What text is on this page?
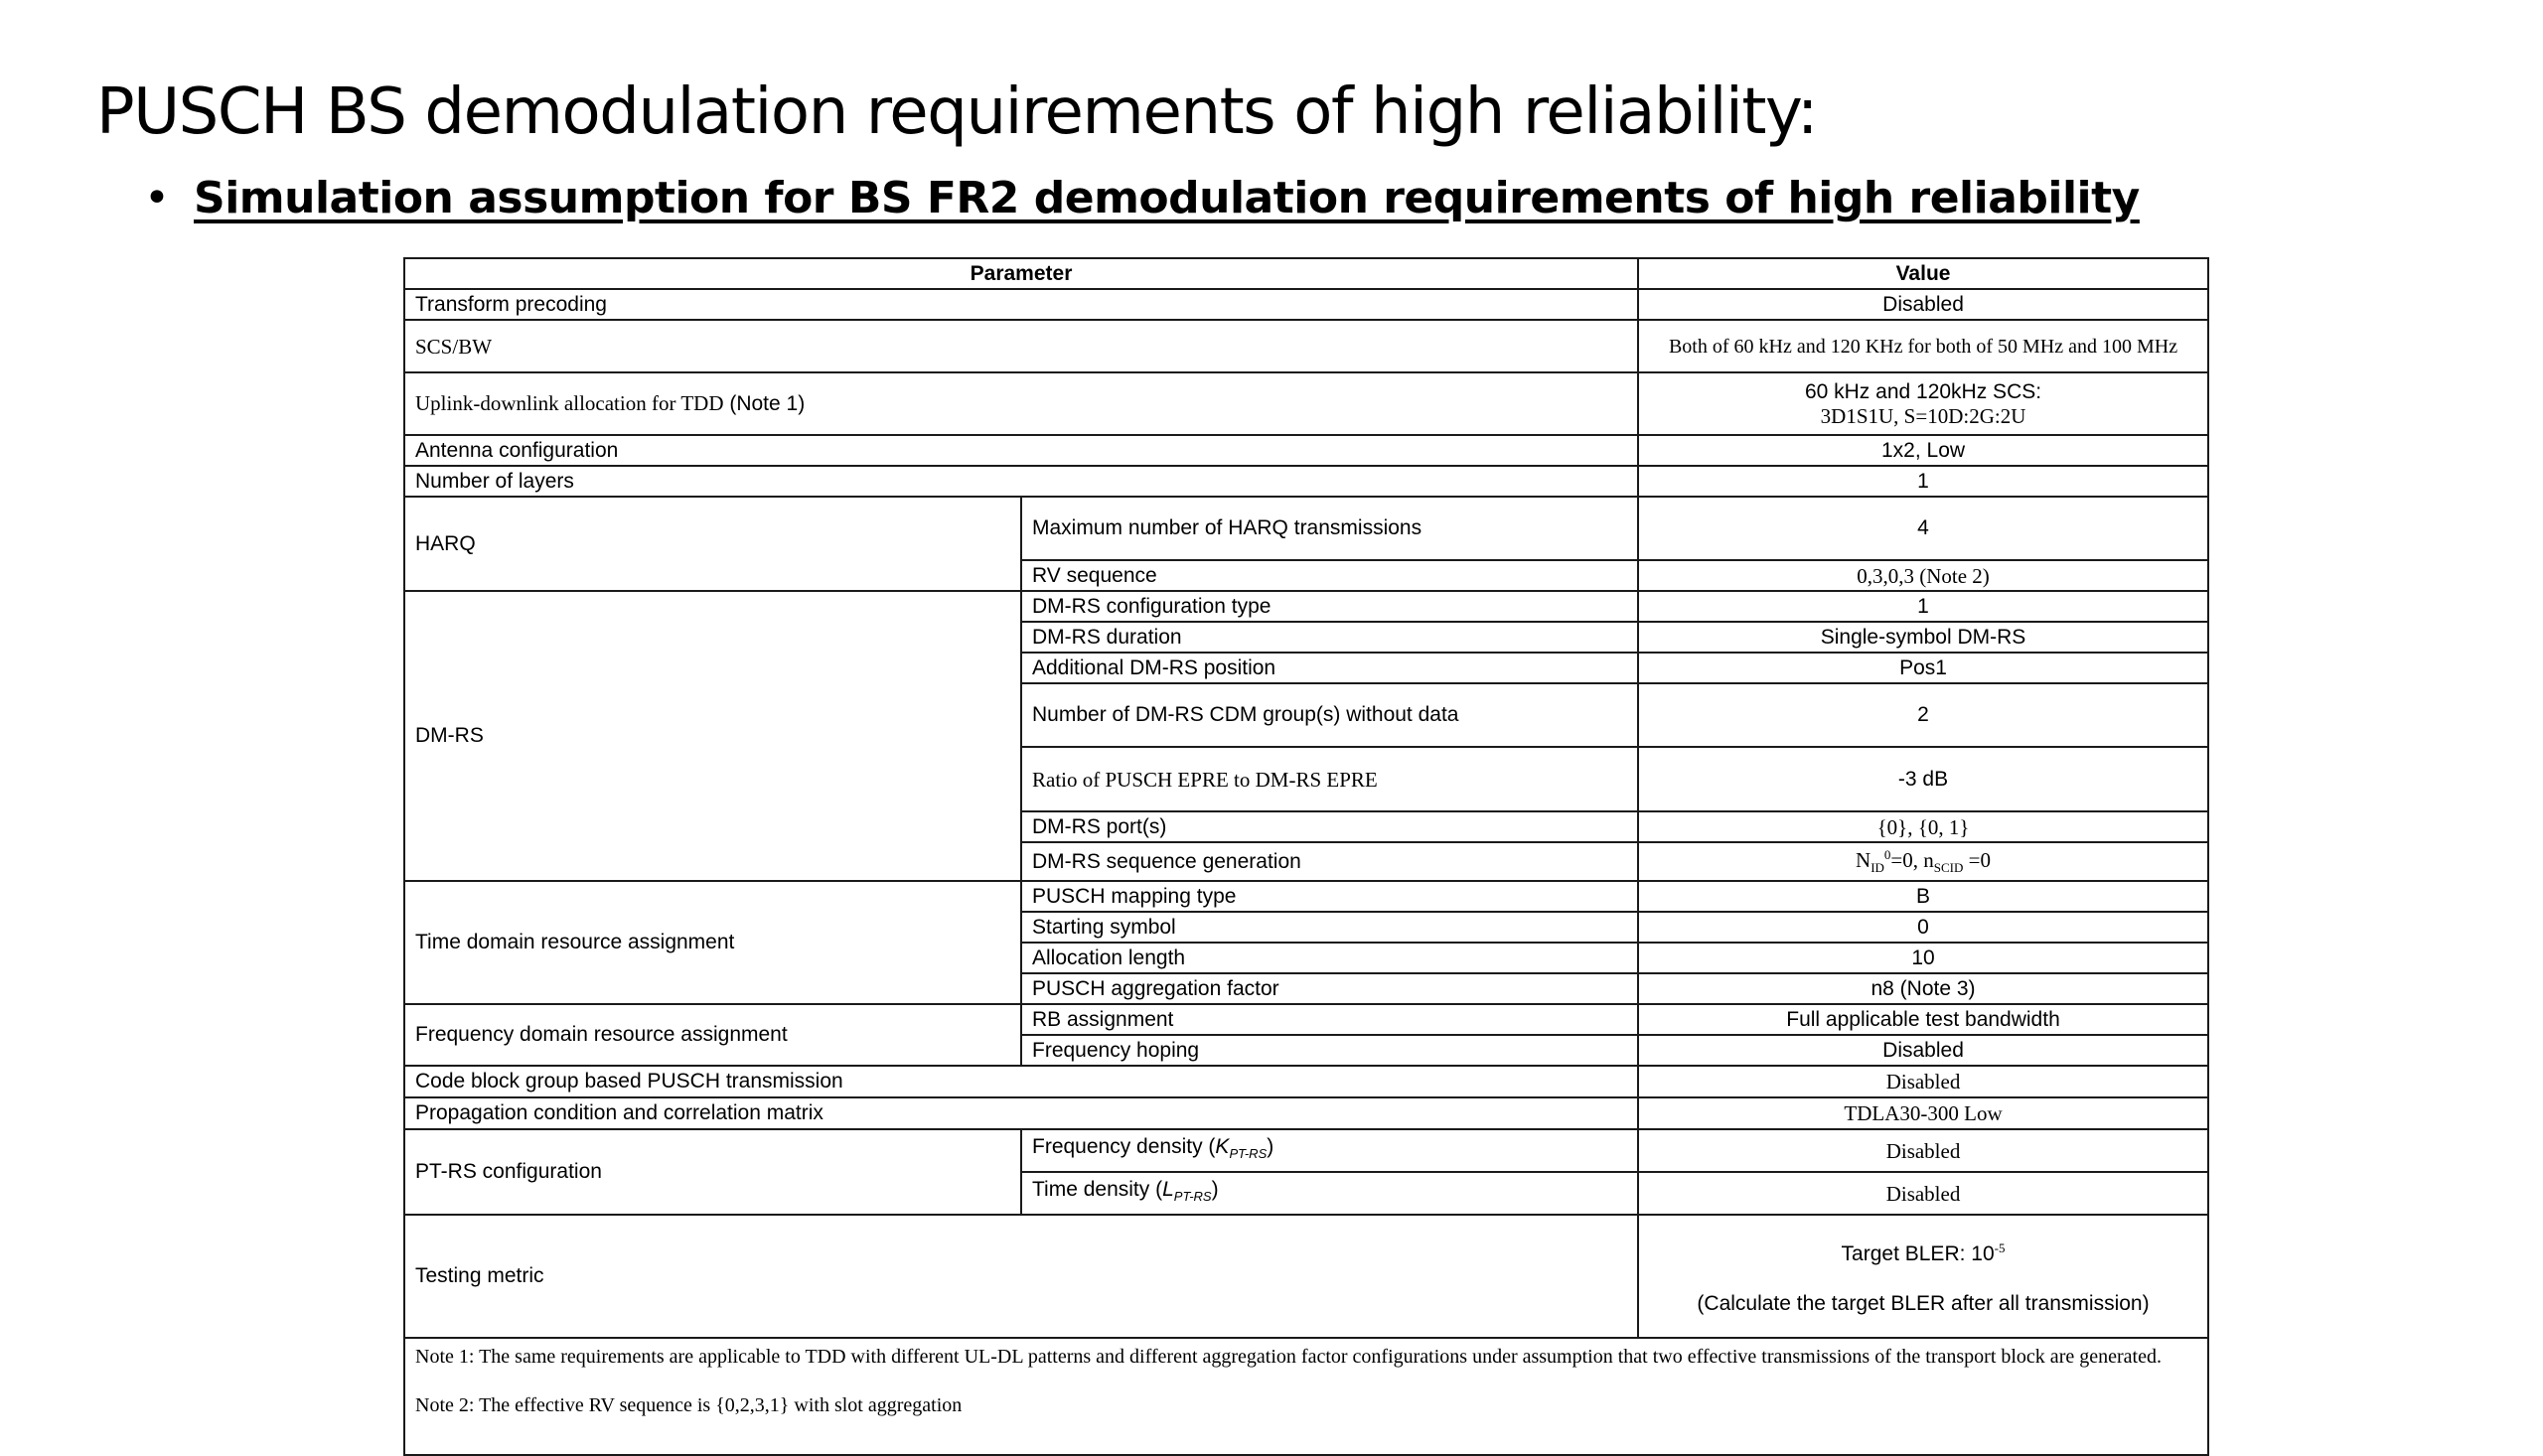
PUSCH BS demodulation requirements of high reliability:
• Simulation assumption for BS FR2 demodulation requirements of high reliability
Parameter		Value
Transform precoding		Disabled
SCS/BW		Both of 60 kHz and 120 KHz for both of 50 MHz and 100 MHz
Uplink-downlink allocation for TDD (Note 1)		60 kHz and 120kHz SCS:
3D1S1U, S=10D:2G:2U

Antenna configuration		1x2, Low
Number of layers		1
HARQ	Maximum number of HARQ transmissions	4
	RV sequence	0,3,0,3 (Note 2)
DM-RS	DM-RS configuration type	1
	DM-RS duration	Single-symbol DM-RS
	Additional DM-RS position	Pos1
	Number of DM-RS CDM group(s) without data	2
	Ratio of PUSCH EPRE to DM-RS EPRE	-3 dB
	DM-RS port(s)	{0}, {0, 1}
	DM-RS sequence generation	$N_{ID}^0=0$, $n_{SCID} =0$
Time domain resource assignment	PUSCH mapping type	B
	Starting symbol	0
	Allocation length	10
	PUSCH aggregation factor	n8 (Note 3)
Frequency domain resource assignment	RB assignment	Full applicable test bandwidth
	Frequency hoping	Disabled
Code block group based PUSCH transmission		Disabled
Propagation condition and correlation matrix		TDLA30-300 Low
PT-RS configuration	Frequency density $(K_{PT-RS})$	Disabled
	Time density $(L_{PT-RS})$	Disabled
Testing metric		Target BLER: $10^{-5}$
(Calculate the target BLER after all transmission)

Note 1: The same requirements are applicable to TDD with different UL-DL patterns and different aggregation factor configurations under assumption that two effective transmissions of the transport block are generated.

Note 2: The effective RV sequence is {0,2,3,1} with slot aggregation		
